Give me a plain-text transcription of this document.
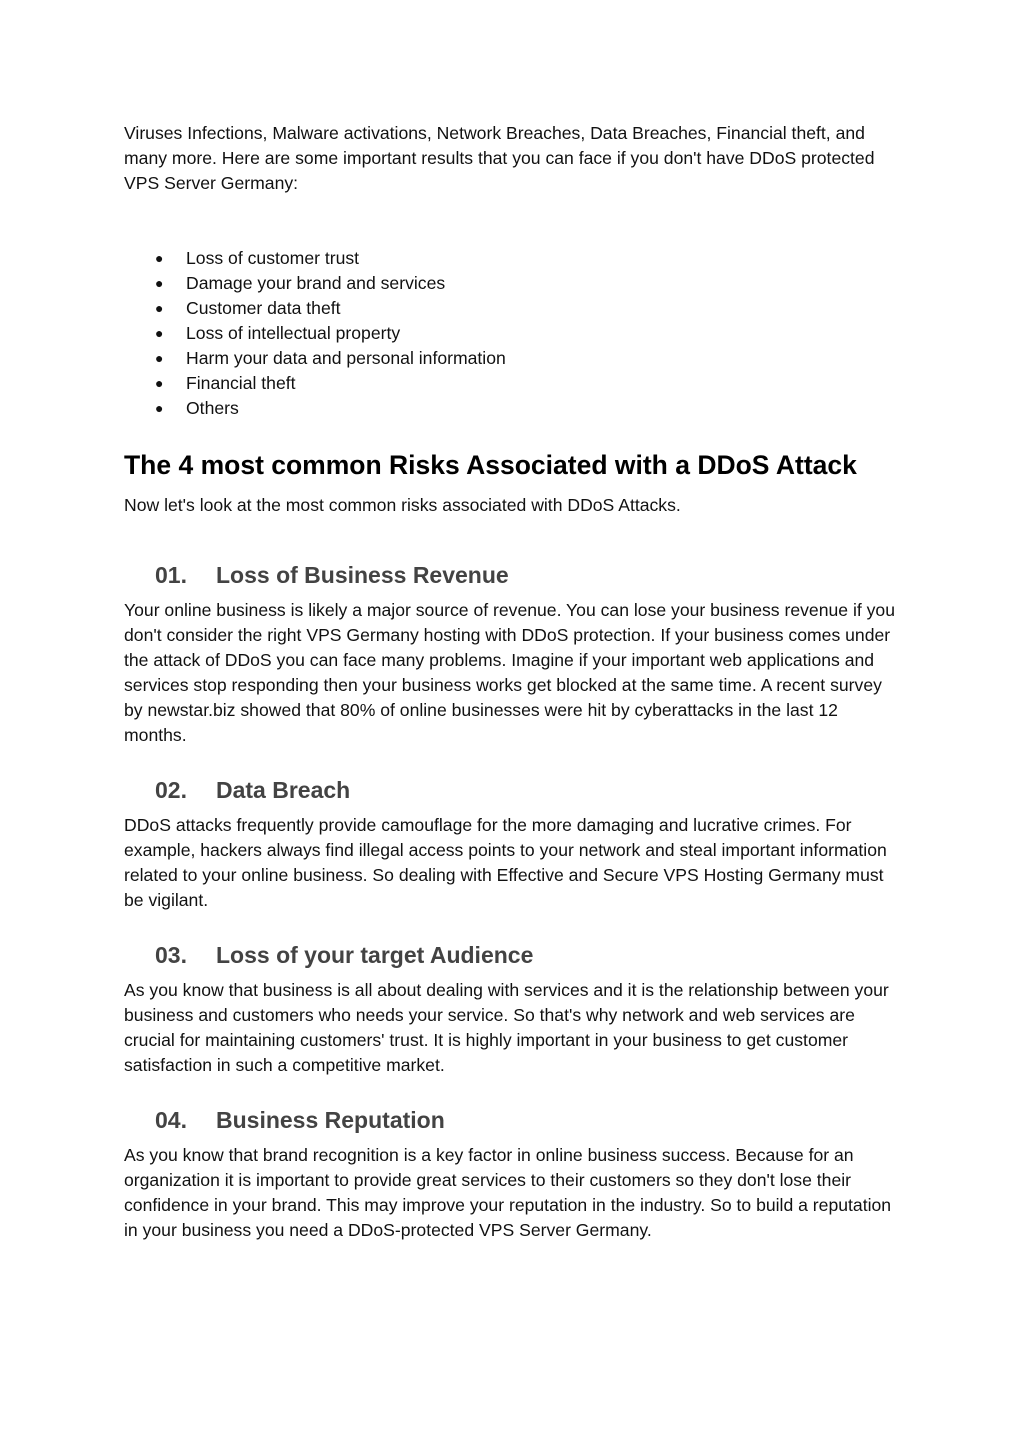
Viruses Infections, Malware activations, Network Breaches, Data Breaches, Financial theft, and many more. Here are some important results that you can face if you don't have DDoS protected VPS Server Germany:

● Loss of customer trust
● Damage your brand and services
● Customer data theft
● Loss of intellectual property
● Harm your data and personal information
● Financial theft
● Others
The 4 most common Risks Associated with a DDoS Attack

Now let's look at the most common risks associated with DDoS Attacks.

01. Loss of Business Revenue

Your online business is likely a major source of revenue. You can lose your business revenue if you don't consider the right VPS Germany hosting with DDoS protection. If your business comes under the attack of DDoS you can face many problems. Imagine if your important web applications and services stop responding then your business works get blocked at the same time. A recent survey

by newstar.biz showed that 80% of online businesses were hit by cyberattacks in the last 12 months.

02. Data Breach

DDoS attacks frequently provide camouflage for the more damaging and lucrative crimes. For example, hackers always find illegal access points to your network and steal important information related to your online business. So dealing with Effective and Secure VPS Hosting Germany must be vigilant.

03. Loss of your target Audience

As you know that business is all about dealing with services and it is the relationship between your business and customers who needs your service. So that's why network and web services are crucial for maintaining customers' trust. It is highly important in your business to get customer satisfaction in such a competitive market.

04. Business Reputation

As you know that brand recognition is a key factor in online business success. Because for an organization it is important to provide great services to their customers so they don't lose their confidence in your brand. This may improve your reputation in the industry. So to build a reputation in your business you need a DDoS-protected VPS Server Germany.
